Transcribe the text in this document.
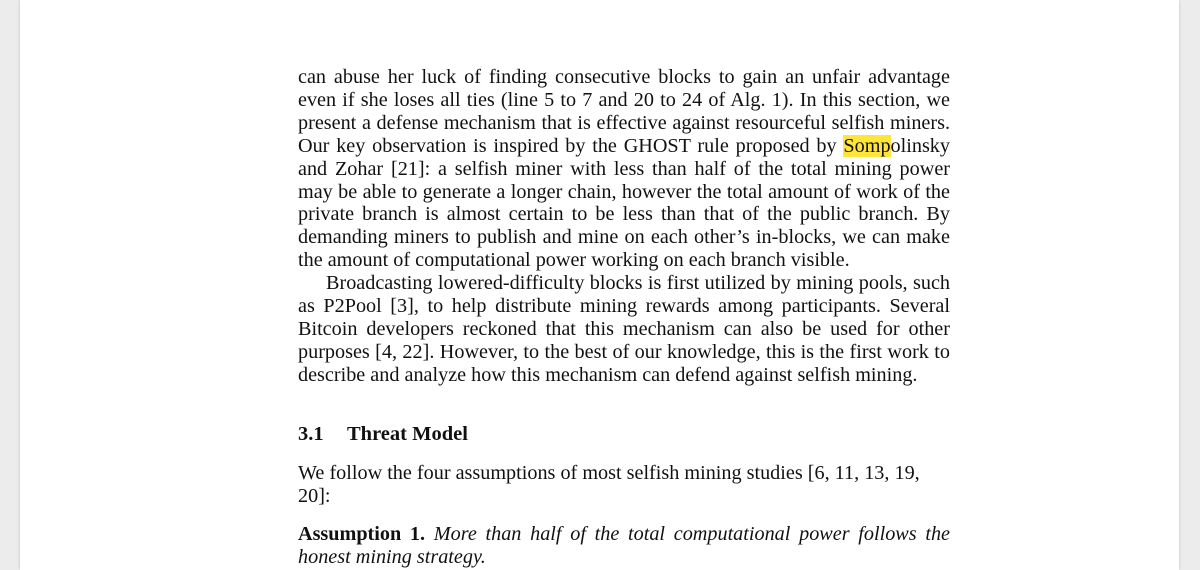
can abuse her luck of finding consecutive blocks to gain an unfair advantage even if she loses all ties (line 5 to 7 and 20 to 24 of Alg. 1). In this section, we present a defense mechanism that is effective against resourceful selfish miners. Our key observation is inspired by the GHOST rule proposed by Sompolinsky and Zohar [21]: a selfish miner with less than half of the total mining power may be able to generate a longer chain, however the total amount of work of the private branch is almost certain to be less than that of the public branch. By demanding miners to publish and mine on each other’s in-blocks, we can make the amount of computational power working on each branch visible.

Broadcasting lowered-difficulty blocks is first utilized by mining pools, such as P2Pool [3], to help distribute mining rewards among participants. Several Bitcoin developers reckoned that this mechanism can also be used for other purposes [4, 22]. However, to the best of our knowledge, this is the first work to describe and analyze how this mechanism can defend against selfish mining.

3.1 Threat Model

We follow the four assumptions of most selfish mining studies [6, 11, 13, 19, 20]:

Assumption 1. More than half of the total computational power follows the honest mining strategy.
